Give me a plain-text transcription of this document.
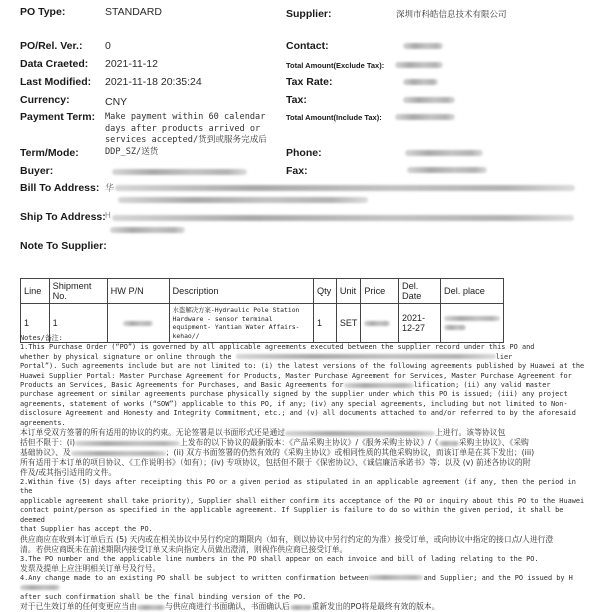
PO Type:	STANDARD
PO/Rel. Ver.: 0
Data Craeted: 2021-11-12
Last Modified: 2021-11-18 20:35:24
Currency:	CNY
Payment Term: Make payment within 60 calendar
days after products arrived or
services accepted/货到或服务完成后
Term/Mode:	DDP_SZ/送货
Buyer:
Bill To Address: 华
Ship To Address: H
Note To Supplier:
Supplier:	深圳市科皓信息技术有限公司
Contact:
Total Amount(Exclude Tax):
Tax Rate:
Tax:
Total Amount(Include Tax):
Phone:
Fax:
Line	Shipment No.	HW P/N	Description	Qty	Unit	Price	Del. Date	Del. place
1	1		水盗解决方案-Hydraulic Pole Station Hardware - sensor terminal equipment- Yantian Water Affairs-kehao//	1	SET		2021-12-27	

Notes/备注:

1.This Purchase Order (“PO”) is governed by all applicable agreements executed between the supplier record under this PO and

whether by physical signature or online through the	lier

Portal”). Such agreements include but are not limited to: (i) the latest versions of the following agreements published by Huawei at the

Huawei Supplier Portal: Master Purchase Agreement for Products, Master Purchase Agreement for Services, Master Purchase Agreement for

Products an Services, Basic Agreements for Purchases, and Basic Agreements for	lification; (ii) any valid master

purchase agreement or similar agreements purchase physically signed by the supplier under which this PO is issued; (iii) any project

agreements, statement of works (“SOW”) applicable to this PO, if any; (iv) any special agreements, including but not limited to Non-

disclosure Agreement and Honesty and Integrity Commitment, etc.; and (v) all documents attached to and/or referred to by the aforesaid

agreements.

本订单受双方签署的所有适用的协议的约束。无论签署是以书面形式还是通过	上进行。该等协议包

括但不限于：(i)	上发布的以下协议的最新版本：《产品采购主协议》/《服务采购主协议》/《	采购主协议》、《采购

基础协议》、及	；(ii) 双方书面签署的仍然有效的《采购主协议》或相同性质的其他采购协议，而该订单是在其下发出；(iii)

所有适用于本订单的项目协议、《工作说明书》（如有）；(iv) 专项协议，包括但不限于《保密协议》、《诚信廉洁承诺书》等；以及 (v) 前述各协议的附

件及/或其指引适用的文件。

2.Within five (5) days after receipting this PO or a given period as stipulated in an applicable agreement (if any, then the period in the

applicable agreement shall take priority), Supplier shall either confirm its acceptance of the PO or inquiry about this PO to the Huawei

contact point/person as specified in the applicable agreement. If Supplier is failure to do so within the given period, it shall be deemed

that Supplier has accept the PO.

供应商应在收到本订单后五 (5) 天内或在相关协议中另行约定的期限内（如有，则以协议中另行约定的为准）接受订单，或向协议中指定的接口点/人进行澄

清。若供应商既未在前述期限内接受订单又未向指定人员做出澄清，则视作供应商已接受订单。

3.The PO number and the applicable line numbers in the PO shall appear on each invoice and bill of lading relating to the PO.

发票及提单上应注明相关订单号及行号。

4.Any change made to an existing PO shall be subject to written confirmation between	and Supplier; and the PO issued by H

after such confirmation shall be the final binding version of the PO.

对于已生效订单的任何变更应当由	与供应商进行书面确认，书面确认后	重新发出的PO将是最终有效的版本。
